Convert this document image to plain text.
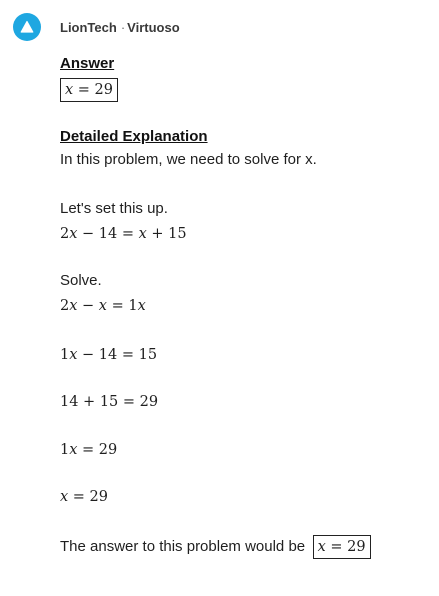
LionTech · Virtuoso
Answer
x = 29
Detailed Explanation
In this problem, we need to solve for x.
Let's set this up.
2x − 14 = x + 15
Solve.
2x − x = 1x
1x − 14 = 15
14 + 15 = 29
1x = 29
x = 29
The answer to this problem would be x = 29
